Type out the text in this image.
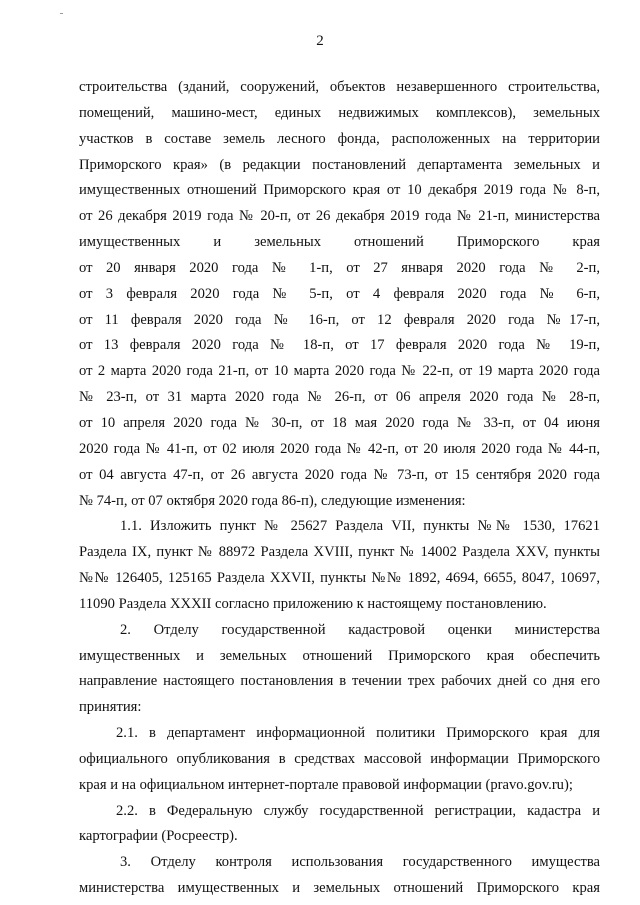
2
строительства (зданий, сооружений, объектов незавершенного строительства,
помещений, машино-мест, единых недвижимых комплексов), земельных
участков в составе земель лесного фонда, расположенных на территории
Приморского края» (в редакции постановлений департамента земельных и
имущественных отношений Приморского края от 10 декабря 2019 года № 8-п,
от 26 декабря 2019 года № 20-п, от 26 декабря 2019 года № 21-п, министерства
имущественных и земельных отношений Приморского края
от 20 января 2020 года № 1-п, от 27 января 2020 года № 2-п,
от 3 февраля 2020 года № 5-п, от 4 февраля 2020 года № 6-п,
от 11 февраля 2020 года № 16-п, от 12 февраля 2020 года №17-п,
от 13 февраля 2020 года № 18-п, от 17 февраля 2020 года № 19-п,
от 2 марта 2020 года 21-п, от 10 марта 2020 года № 22-п, от 19 марта 2020 года
№ 23-п, от 31 марта 2020 года № 26-п, от 06 апреля 2020 года № 28-п,
от 10 апреля 2020 года № 30-п, от 18 мая 2020 года № 33-п, от 04 июня
2020 года № 41-п, от 02 июля 2020 года № 42-п, от 20 июля 2020 года № 44-п,
от 04 августа 47-п, от 26 августа 2020 года № 73-п, от 15 сентября 2020 года
№ 74-п, от 07 октября 2020 года 86-п), следующие изменения:
1.1. Изложить пункт № 25627 Раздела VII, пункты №№ 1530, 17621
Раздела IX, пункт № 88972 Раздела XVIII, пункт № 14002 Раздела XXV, пункты
№№ 126405, 125165 Раздела XXVII, пункты №№ 1892, 4694, 6655, 8047, 10697,
11090 Раздела XXXII согласно приложению к настоящему постановлению.
2. Отделу государственной кадастровой оценки министерства
имущественных и земельных отношений Приморского края обеспечить
направление настоящего постановления в течении трех рабочих дней со дня его
принятия:
2.1. в департамент информационной политики Приморского края для
официального опубликования в средствах массовой информации Приморского
края и на официальном интернет-портале правовой информации (pravo.gov.ru);
2.2. в Федеральную службу государственной регистрации, кадастра и
картографии (Росреестр).
3. Отделу контроля использования государственного имущества
министерства имущественных и земельных отношений Приморского края
